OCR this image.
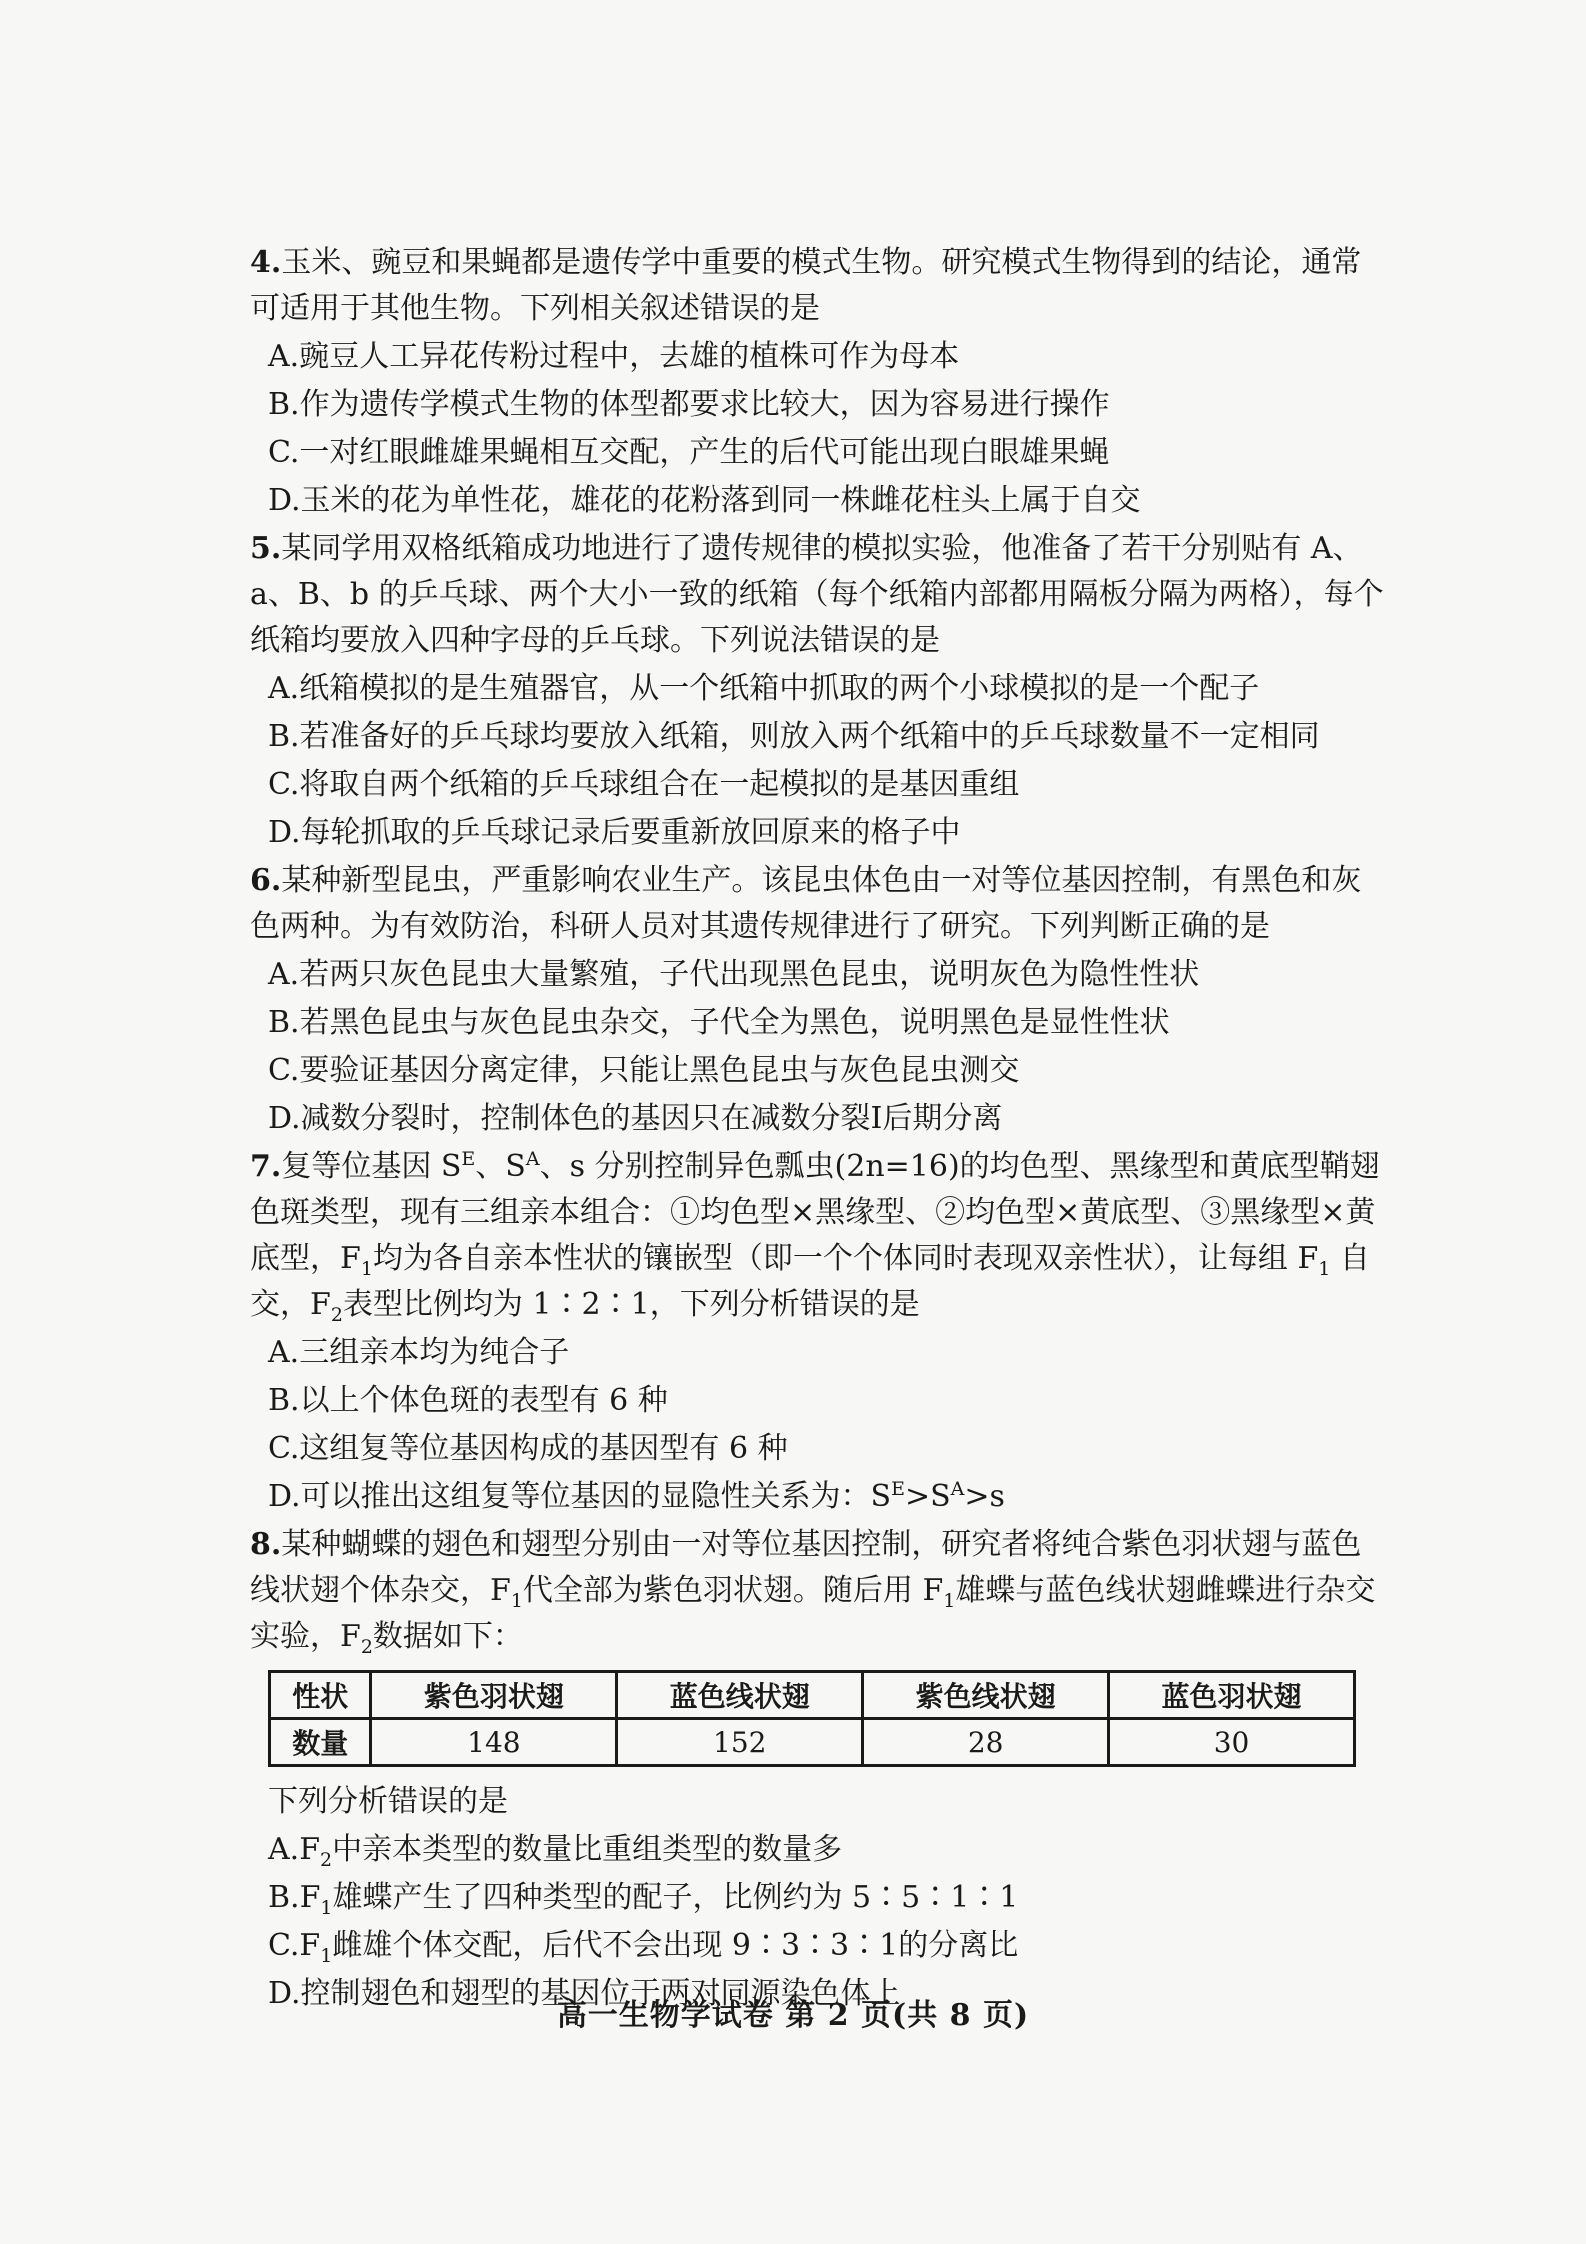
4.玉米、豌豆和果蝇都是遗传学中重要的模式生物。研究模式生物得到的结论，通常可适用于其他生物。下列相关叙述错误的是

A.豌豆人工异花传粉过程中，去雄的植株可作为母本

B.作为遗传学模式生物的体型都要求比较大，因为容易进行操作

C.一对红眼雌雄果蝇相互交配，产生的后代可能出现白眼雄果蝇

D.玉米的花为单性花，雄花的花粉落到同一株雌花柱头上属于自交

5.某同学用双格纸箱成功地进行了遗传规律的模拟实验，他准备了若干分别贴有 A、a、B、b 的乒乓球、两个大小一致的纸箱（每个纸箱内部都用隔板分隔为两格），每个纸箱均要放入四种字母的乒乓球。下列说法错误的是

A.纸箱模拟的是生殖器官，从一个纸箱中抓取的两个小球模拟的是一个配子

B.若准备好的乒乓球均要放入纸箱，则放入两个纸箱中的乒乓球数量不一定相同

C.将取自两个纸箱的乒乓球组合在一起模拟的是基因重组

D.每轮抓取的乒乓球记录后要重新放回原来的格子中

6.某种新型昆虫，严重影响农业生产。该昆虫体色由一对等位基因控制，有黑色和灰色两种。为有效防治，科研人员对其遗传规律进行了研究。下列判断正确的是

A.若两只灰色昆虫大量繁殖，子代出现黑色昆虫，说明灰色为隐性性状

B.若黑色昆虫与灰色昆虫杂交，子代全为黑色，说明黑色是显性性状

C.要验证基因分离定律，只能让黑色昆虫与灰色昆虫测交

D.减数分裂时，控制体色的基因只在减数分裂Ⅰ后期分离

7.复等位基因 $S^E$、$S^A$、s 分别控制异色瓢虫(2n=16)的均色型、黑缘型和黄底型鞘翅色斑类型，现有三组亲本组合：①均色型×黑缘型、②均色型×黄底型、③黑缘型×黄底型，$F_1$均为各自亲本性状的镶嵌型（即一个个体同时表现双亲性状），让每组 $F_1$ 自交，$F_2$表型比例均为 1∶2∶1，下列分析错误的是

A.三组亲本均为纯合子

B.以上个体色斑的表型有 6 种

C.这组复等位基因构成的基因型有 6 种

D.可以推出这组复等位基因的显隐性关系为：$S^E>S^A>s$

8.某种蝴蝶的翅色和翅型分别由一对等位基因控制，研究者将纯合紫色羽状翅与蓝色线状翅个体杂交，$F_1$代全部为紫色羽状翅。随后用 $F_1$雄蝶与蓝色线状翅雌蝶进行杂交实验，$F_2$数据如下：

性状	紫色羽状翅	蓝色线状翅	紫色线状翅	蓝色羽状翅
数量	148	152	28	30

下列分析错误的是

$A.F_2$中亲本类型的数量比重组类型的数量多

$B.F_1$雄蝶产生了四种类型的配子，比例约为 5∶5∶1∶1

$C.F_1$雌雄个体交配，后代不会出现 9∶3∶3∶1的分离比

D.控制翅色和翅型的基因位于两对同源染色体上

高一生物学试卷 第 2 页(共 8 页)
